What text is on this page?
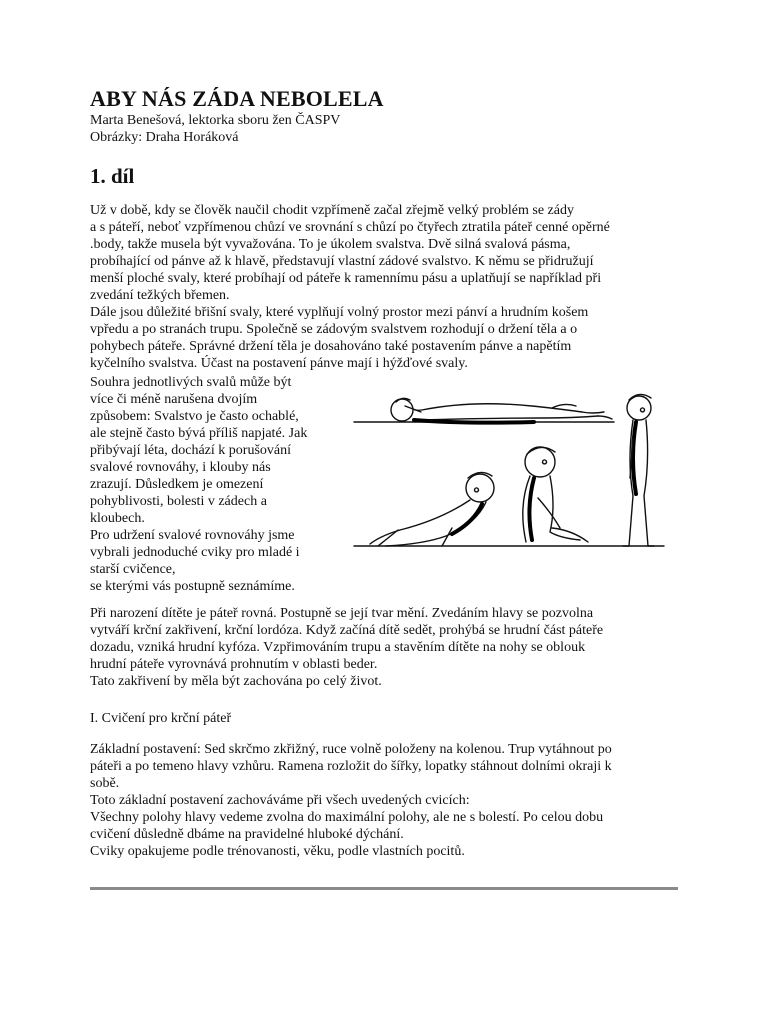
ABY NÁS ZÁDA NEBOLELA
Marta Benešová, lektorka sboru žen ČASPV
Obrázky: Draha Horáková
1. díl
Už v době, kdy se člověk naučil chodit vzpřímeně začal zřejmě velký problém se zády
a s páteří, neboť vzpřímenou chůzí ve srovnání s chůzí po čtyřech ztratila páteř cenné opěrné
.body, takže musela být vyvažována. To je úkolem svalstva. Dvě silná svalová pásma,
probíhající od pánve až k hlavě, představují vlastní zádové svalstvo. K němu se přidružují
menší ploché svaly, které probíhají od páteře k ramennímu pásu a uplatňují se například při
zvedání težkých břemen.
Dále jsou důležité břišní svaly, které vyplňují volný prostor mezi pánví a hrudním košem
vpředu a po stranách trupu. Společně se zádovým svalstvem rozhodují o držení těla a o
pohybech páteře. Správné držení těla je dosahováno také postavením pánve a napětím
kyčelního svalstva. Účast na postavení pánve mají i hýžďové svaly.
Souhra jednotlivých svalů může být
více či méně narušena dvojím
způsobem: Svalstvo je často ochablé,
ale stejně často bývá příliš napjaté. Jak
přibývají léta, dochází k porušování
svalové rovnováhy, i klouby nás
zrazují. Důsledkem je omezení
pohyblivosti, bolesti v zádech a
kloubech.
Pro udržení svalové rovnováhy jsme
vybrali jednoduché cviky pro mladé i
starší cvičence,
se kterými vás postupně seznámíme.
Při narození dítěte je páteř rovná. Postupně se její tvar mění. Zvedáním hlavy se pozvolna
vytváří krční zakřivení, krční lordóza. Když začíná dítě sedět, prohýbá se hrudní část páteře
dozadu, vzniká hrudní kyfóza. Vzpřimováním trupu a stavěním dítěte na nohy se oblouk
hrudní páteře vyrovnává prohnutím v oblasti beder.
Tato zakřivení by měla být zachována po celý život.
I. Cvičení pro krční páteř
Základní postavení: Sed skrčmo zkřižný, ruce volně položeny na kolenou. Trup vytáhnout po
páteři a po temeno hlavy vzhůru. Ramena rozložit do šířky, lopatky stáhnout dolními okraji k
sobě.
Toto základní postavení zachováváme při všech uvedených cvicích:
Všechny polohy hlavy vedeme zvolna do maximální polohy, ale ne s bolestí. Po celou dobu
cvičení důsledně dbáme na pravidelné hluboké dýchání.
Cviky opakujeme podle trénovanosti, věku, podle vlastních pocitů.
